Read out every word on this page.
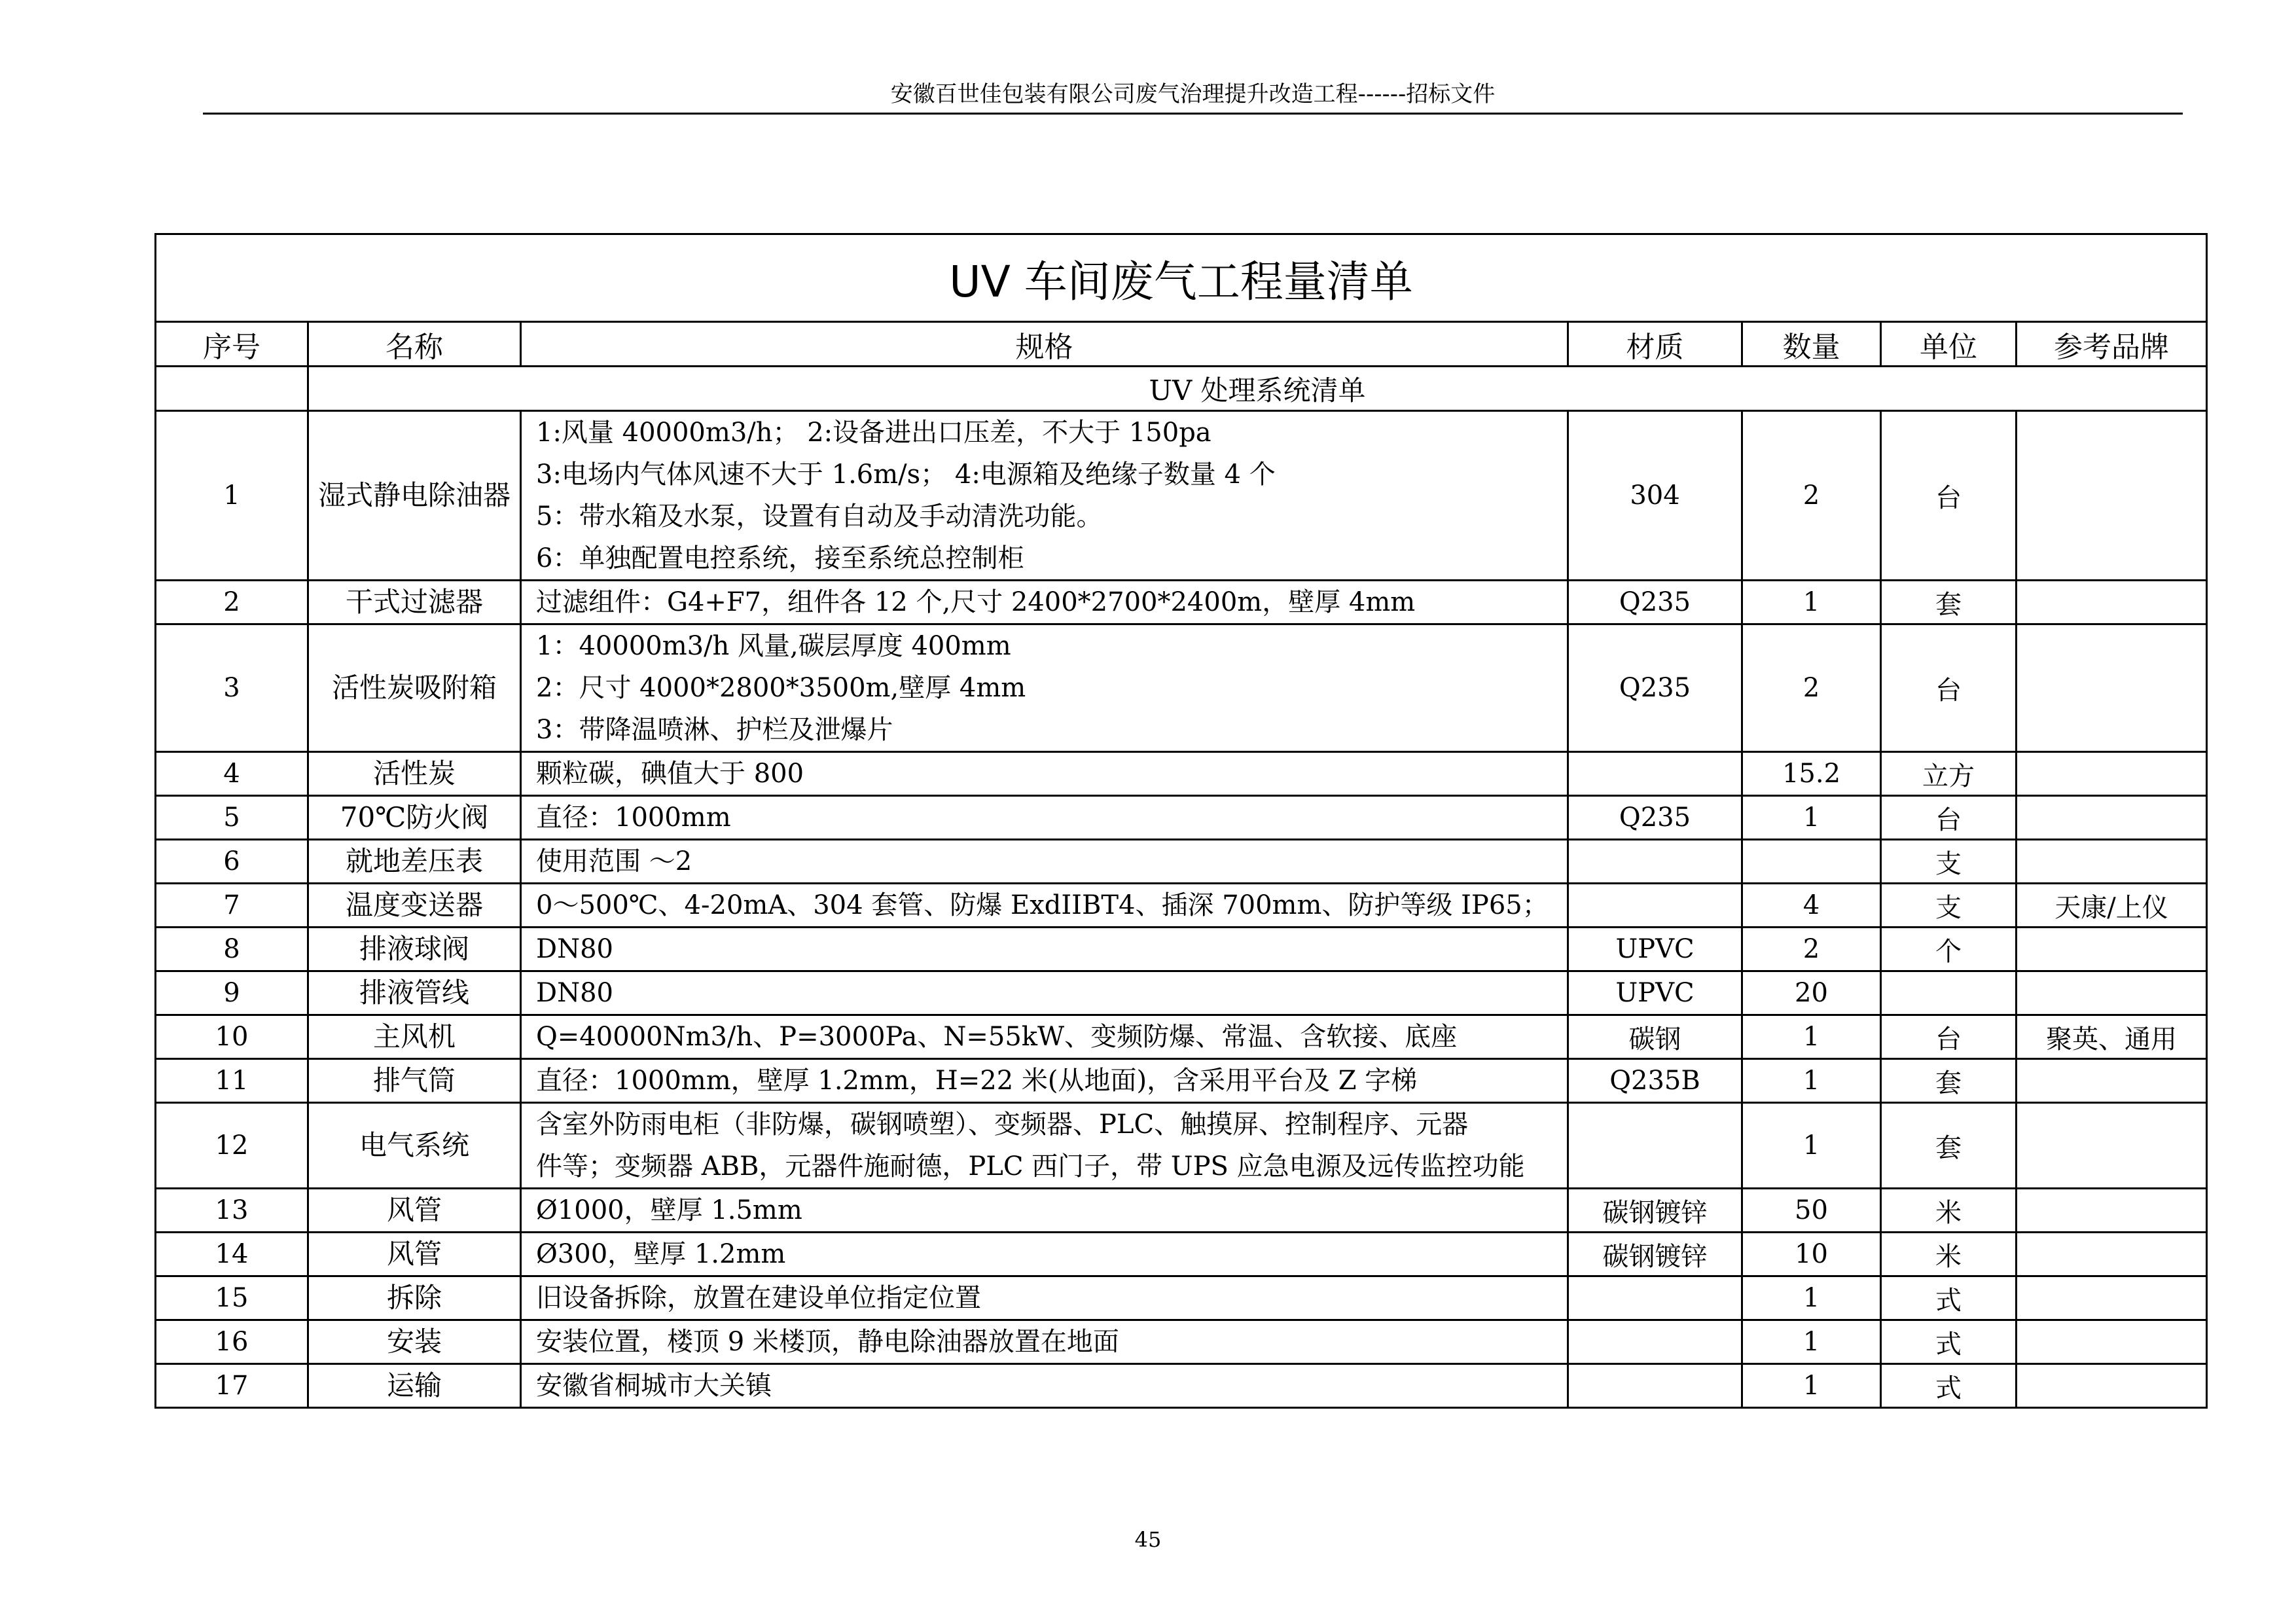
安徽百世佳包装有限公司废气治理提升改造工程------招标文件
UV 车间废气工程量清单						
序号	名称	规格	材质	数量	单位	参考品牌
	UV 处理系统清单					
1	湿式静电除油器	1:风量 40000m3/h； 2:设备进出口压差，不大于 150pa
3:电场内气体风速不大于 1.6m/s； 4:电源箱及绝缘子数量 4 个
5：带水箱及水泵，设置有自动及手动清洗功能。
6：单独配置电控系统，接至系统总控制柜	304	2	台	
2	干式过滤器	过滤组件：G4+F7，组件各 12 个,尺寸 2400*2700*2400m，壁厚 4mm	Q235	1	套	
3	活性炭吸附箱	1：40000m3/h 风量,碳层厚度 400mm
2：尺寸 4000*2800*3500m,壁厚 4mm
3：带降温喷淋、护栏及泄爆片	Q235	2	台	
4	活性炭	颗粒碳，碘值大于 800		15.2	立方	
5	70℃防火阀	直径：1000mm	Q235	1	台	
6	就地差压表	使用范围 ～2			支	
7	温度变送器	0～500℃、4-20mA、304 套管、防爆 ExdIIBT4、插深 700mm、防护等级 IP65；		4	支	天康/上仪
8	排液球阀	DN80	UPVC	2	个	
9	排液管线	DN80	UPVC	20		
10	主风机	Q=40000Nm3/h、P=3000Pa、N=55kW、变频防爆、常温、含软接、底座	碳钢	1	台	聚英、通用
11	排气筒	直径：1000mm，壁厚 1.2mm，H=22 米(从地面)，含采用平台及 Z 字梯	Q235B	1	套	
12	电气系统	含室外防雨电柜（非防爆，碳钢喷塑）、变频器、PLC、触摸屏、控制程序、元器
件等；变频器 ABB，元器件施耐德，PLC 西门子，带 UPS 应急电源及远传监控功能		1	套	
13	风管	Ø1000，壁厚 1.5mm	碳钢镀锌	50	米	
14	风管	Ø300，壁厚 1.2mm	碳钢镀锌	10	米	
15	拆除	旧设备拆除，放置在建设单位指定位置		1	式	
16	安装	安装位置，楼顶 9 米楼顶，静电除油器放置在地面		1	式	
17	运输	安徽省桐城市大关镇		1	式	
45
